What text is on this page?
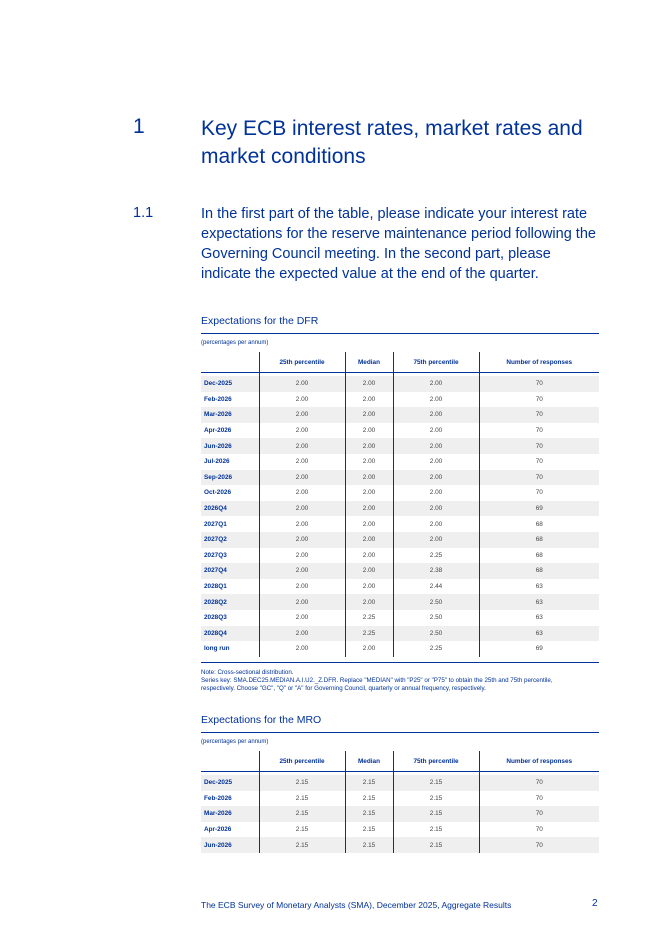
1	Key ECB interest rates, market rates and market conditions
1.1	In the first part of the table, please indicate your interest rate expectations for the reserve maintenance period following the Governing Council meeting. In the second part, please indicate the expected value at the end of the quarter.
Expectations for the DFR
(percentages per annum)
	25th percentile	Median	75th percentile	Number of responses

Dec-2025	2.00	2.00	2.00	70
Feb-2026	2.00	2.00	2.00	70
Mar-2026	2.00	2.00	2.00	70
Apr-2026	2.00	2.00	2.00	70
Jun-2026	2.00	2.00	2.00	70
Jul-2026	2.00	2.00	2.00	70
Sep-2026	2.00	2.00	2.00	70
Oct-2026	2.00	2.00	2.00	70
2026Q4	2.00	2.00	2.00	69
2027Q1	2.00	2.00	2.00	68
2027Q2	2.00	2.00	2.00	68
2027Q3	2.00	2.00	2.25	68
2027Q4	2.00	2.00	2.38	68
2028Q1	2.00	2.00	2.44	63
2028Q2	2.00	2.00	2.50	63
2028Q3	2.00	2.25	2.50	63
2028Q4	2.00	2.25	2.50	63
long run	2.00	2.00	2.25	69
Note: Cross-sectional distribution.
Series key: SMA.DEC25.MEDIAN.A.I.U2._Z.DFR. Replace "MEDIAN" with "P25" or "P75" to obtain the 25th and 75th percentile,
respectively. Choose "GC", "Q" or "A" for Governing Council, quarterly or annual frequency, respectively.
Expectations for the MRO
(percentages per annum)
	25th percentile	Median	75th percentile	Number of responses

Dec-2025	2.15	2.15	2.15	70
Feb-2026	2.15	2.15	2.15	70
Mar-2026	2.15	2.15	2.15	70
Apr-2026	2.15	2.15	2.15	70
Jun-2026	2.15	2.15	2.15	70
The ECB Survey of Monetary Analysts (SMA), December 2025, Aggregate Results	2
